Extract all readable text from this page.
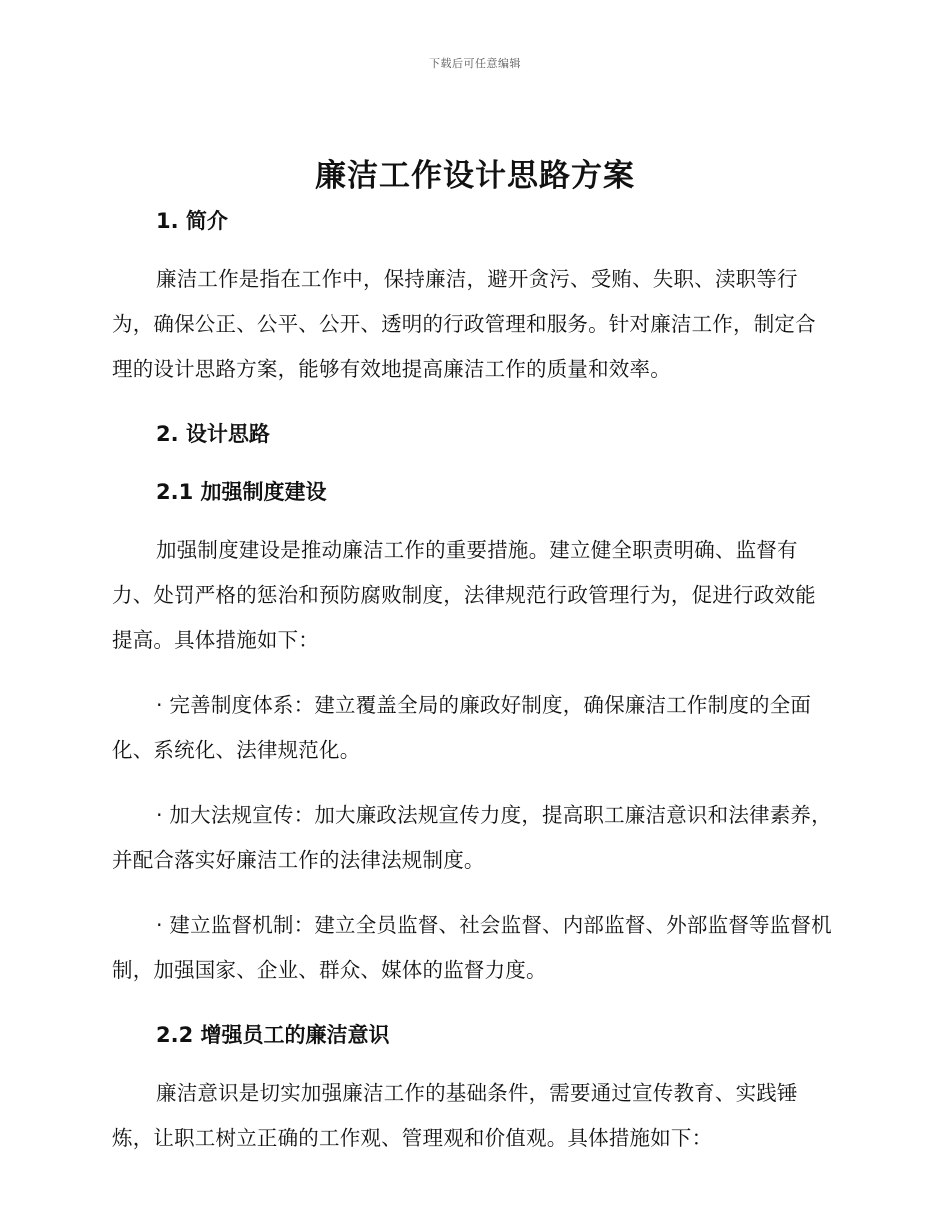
下载后可任意编辑
廉洁工作设计思路方案
1. 简介
廉洁工作是指在工作中，保持廉洁，避开贪污、受贿、失职、渎职等行为，确保公正、公平、公开、透明的行政管理和服务。针对廉洁工作，制定合理的设计思路方案，能够有效地提高廉洁工作的质量和效率。
2. 设计思路
2.1 加强制度建设
加强制度建设是推动廉洁工作的重要措施。建立健全职责明确、监督有力、处罚严格的惩治和预防腐败制度，法律规范行政管理行为，促进行政效能提高。具体措施如下：
· 完善制度体系：建立覆盖全局的廉政好制度，确保廉洁工作制度的全面化、系统化、法律规范化。
· 加大法规宣传：加大廉政法规宣传力度，提高职工廉洁意识和法律素养，并配合落实好廉洁工作的法律法规制度。
· 建立监督机制：建立全员监督、社会监督、内部监督、外部监督等监督机制，加强国家、企业、群众、媒体的监督力度。
2.2 增强员工的廉洁意识
廉洁意识是切实加强廉洁工作的基础条件，需要通过宣传教育、实践锤炼，让职工树立正确的工作观、管理观和价值观。具体措施如下：
